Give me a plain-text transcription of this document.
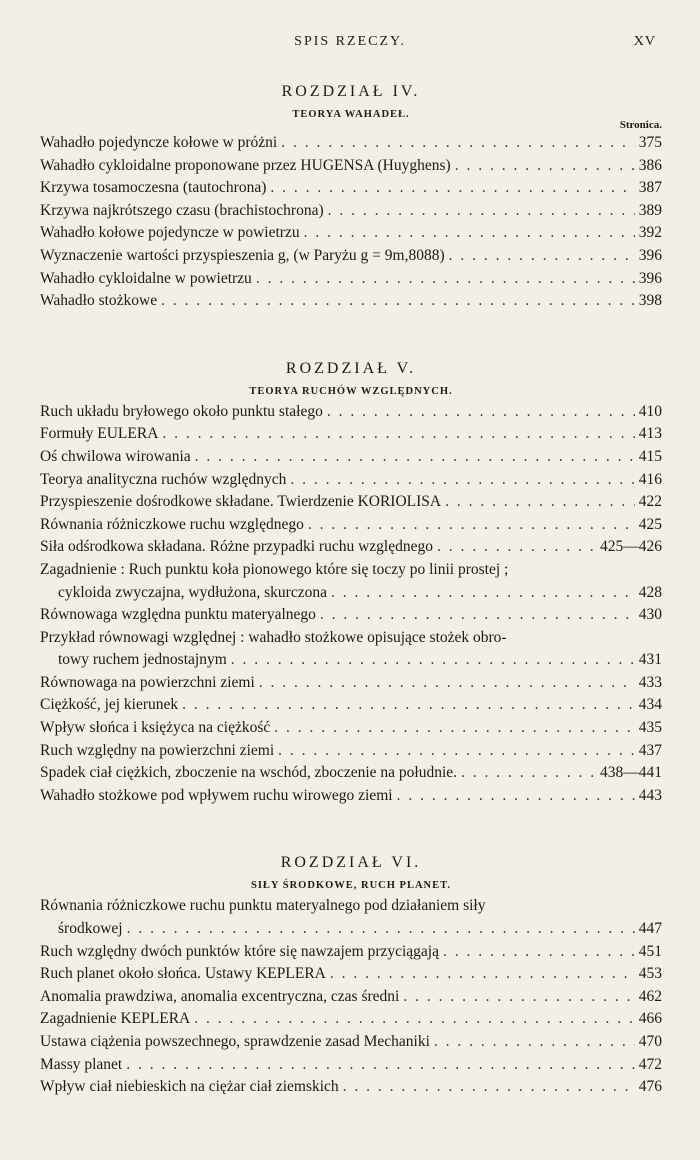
SPIS RZECZY.	XV
ROZDZIAŁ IV.
TEORYA WAHADEŁ.
Stronica.
Wahadło pojedyncze kołowe w próżni . . .	375
Wahadło cykloidalne proponowane przez HUGENSA (Huyghens) . . .	386
Krzywa tosamoczesna (tautochrona) . . .	387
Krzywa najkrótszego czasu (brachistochrona) . . .	389
Wahadło kołowe pojedyncze w powietrzu . . .	392
Wyznaczenie wartości przyspieszenia g, (w Paryżu g = 9m,8088) . . .	396
Wahadło cykloidalne w powietrzu . . .	396
Wahadło stożkowe . . .	398
ROZDZIAŁ V.
TEORYA RUCHÓW WZGLĘDNYCH.
Ruch układu bryłowego około punktu stałego . . .	410
Formuły EULERA . . .	413
Oś chwilowa wirowania . . .	415
Teorya analityczna ruchów względnych . . .	416
Przyspieszenie dośrodkowe składane. Twierdzenie KORIOLISA . . .	422
Równania różniczkowe ruchu względnego . . .	425
Siła odśrodkowa składana. Różne przypadki ruchu względnego . . .	425—426
Zagadnienie : Ruch punktu koła pionowego które się toczy po linii prostej ;
cykloida zwyczajna, wydłużona, skurczona . . .	428
Równowaga względna punktu materyalnego . . .	430
Przykład równowagi względnej : wahadło stożkowe opisujące stożek obro-
towy ruchem jednostajnym . . .	431
Równowaga na powierzchni ziemi . . .	433
Ciężkość, jej kierunek . . .	434
Wpływ słońca i księżyca na ciężkość . . .	435
Ruch względny na powierzchni ziemi . . .	437
Spadek ciał ciężkich, zboczenie na wschód, zboczenie na południe. . . .	438—441
Wahadło stożkowe pod wpływem ruchu wirowego ziemi . . .	443
ROZDZIAŁ VI.
SIŁY ŚRODKOWE, RUCH PLANET.
Równania różniczkowe ruchu punktu materyalnego pod działaniem siły
środkowej . . .	447
Ruch względny dwóch punktów które się nawzajem przyciągają . . .	451
Ruch planet około słońca. Ustawy KEPLERA . . .	453
Anomalia prawdziwa, anomalia excentryczna, czas średni . . .	462
Zagadnienie KEPLERA . . .	466
Ustawa ciążenia powszechnego, sprawdzenie zasad Mechaniki . . .	470
Massy planet . . .	472
Wpływ ciał niebieskich na ciężar ciał ziemskich . . .	476
